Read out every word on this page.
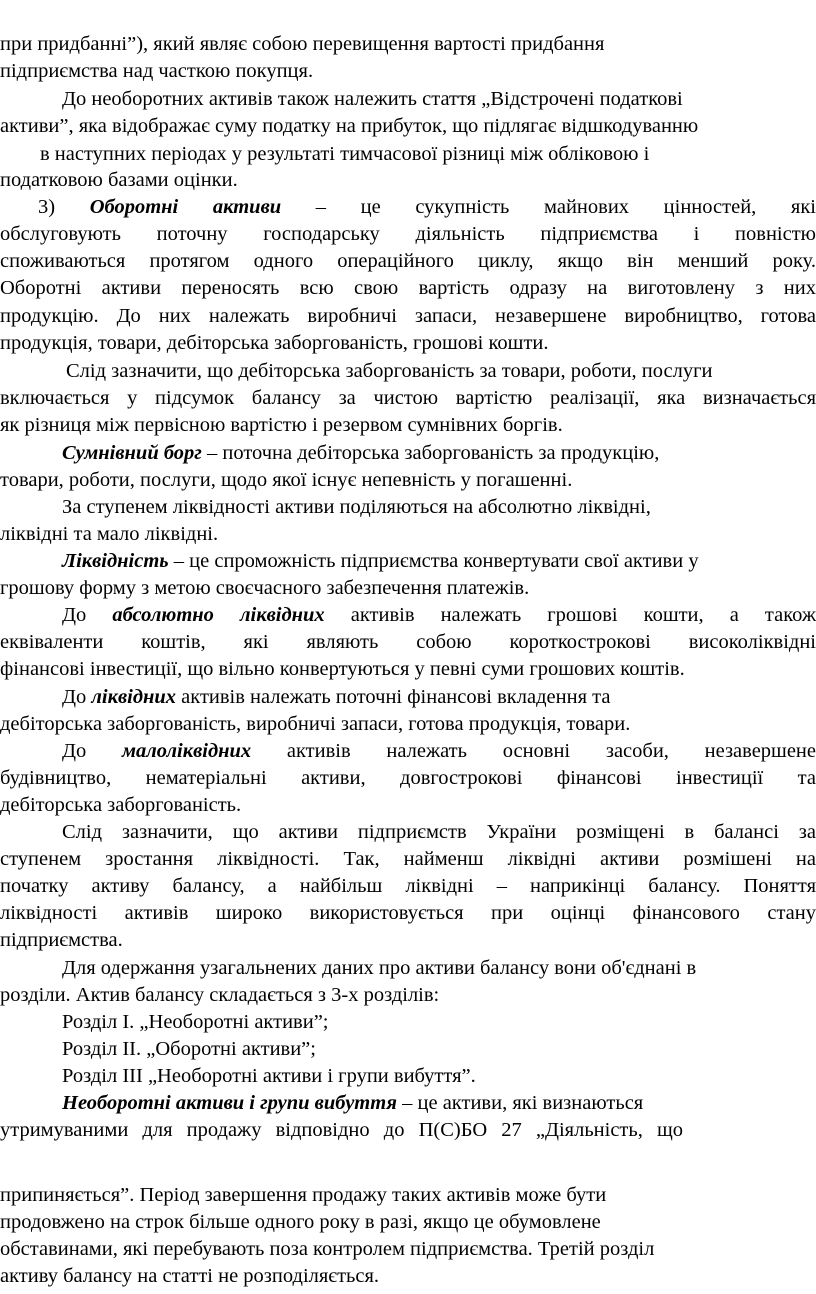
при придбанні”), який являє собою перевищення вартості придбання
підприємства над часткою покупця.
До необоротних активів також належить стаття „Відстрочені податкові
активи”, яка відображає суму податку на прибуток, що підлягає відшкодуванню
в наступних періодах у результаті тимчасової різниці між обліковою і
податковою базами оцінки.
3) Оборотні активи – це сукупність майнових цінностей, які
обслуговують поточну господарську діяльність підприємства і повністю
споживаються протягом одного операційного циклу, якщо він менший року.
Оборотні активи переносять всю свою вартість одразу на виготовлену з них
продукцію. До них належать виробничі запаси, незавершене виробництво, готова
продукція, товари, дебіторська заборгованість, грошові кошти.
Слід зазначити, що дебіторська заборгованість за товари, роботи, послуги
включається у підсумок балансу за чистою вартістю реалізації, яка визначається
як різниця між первісною вартістю і резервом сумнівних боргів.
Сумнівний борг – поточна дебіторська заборгованість за продукцію,
товари, роботи, послуги, щодо якої існує непевність у погашенні.
За ступенем ліквідності активи поділяються на абсолютно ліквідні,
ліквідні та мало ліквідні.
Ліквідність – це спроможність підприємства конвертувати свої активи у
грошову форму з метою своєчасного забезпечення платежів.
До абсолютно ліквідних активів належать грошові кошти, а також
еквіваленти коштів, які являють собою короткострокові високоліквідні
фінансові інвестиції, що вільно конвертуються у певні суми грошових коштів.
До ліквідних активів належать поточні фінансові вкладення та
дебіторська заборгованість, виробничі запаси, готова продукція, товари.
До малоліквідних активів належать основні засоби, незавершене
будівництво, нематеріальні активи, довгострокові фінансові інвестиції та
дебіторська заборгованість.
Слід зазначити, що активи підприємств України розміщені в балансі за
ступенем зростання ліквідності. Так, найменш ліквідні активи розмішені на
початку активу балансу, а найбільш ліквідні – наприкінці балансу. Поняття
ліквідності активів широко використовується при оцінці фінансового стану
підприємства.
Для одержання узагальнених даних про активи балансу вони об'єднані в
розділи. Актив балансу складається з 3-х розділів:
Розділ I. „Необоротні активи”;
Розділ II. „Оборотні активи”;
Розділ III „Необоротні активи і групи вибуття”.
Необоротні активи і групи вибуття – це активи, які визнаються
утримуваними для продажу відповідно до П(С)БО 27 „Діяльність, що
припиняється”. Період завершення продажу таких активів може бути
продовжено на строк більше одного року в разі, якщо це обумовлене
обставинами, які перебувають поза контролем підприємства. Третій розділ
активу балансу на статті не розподіляється.
